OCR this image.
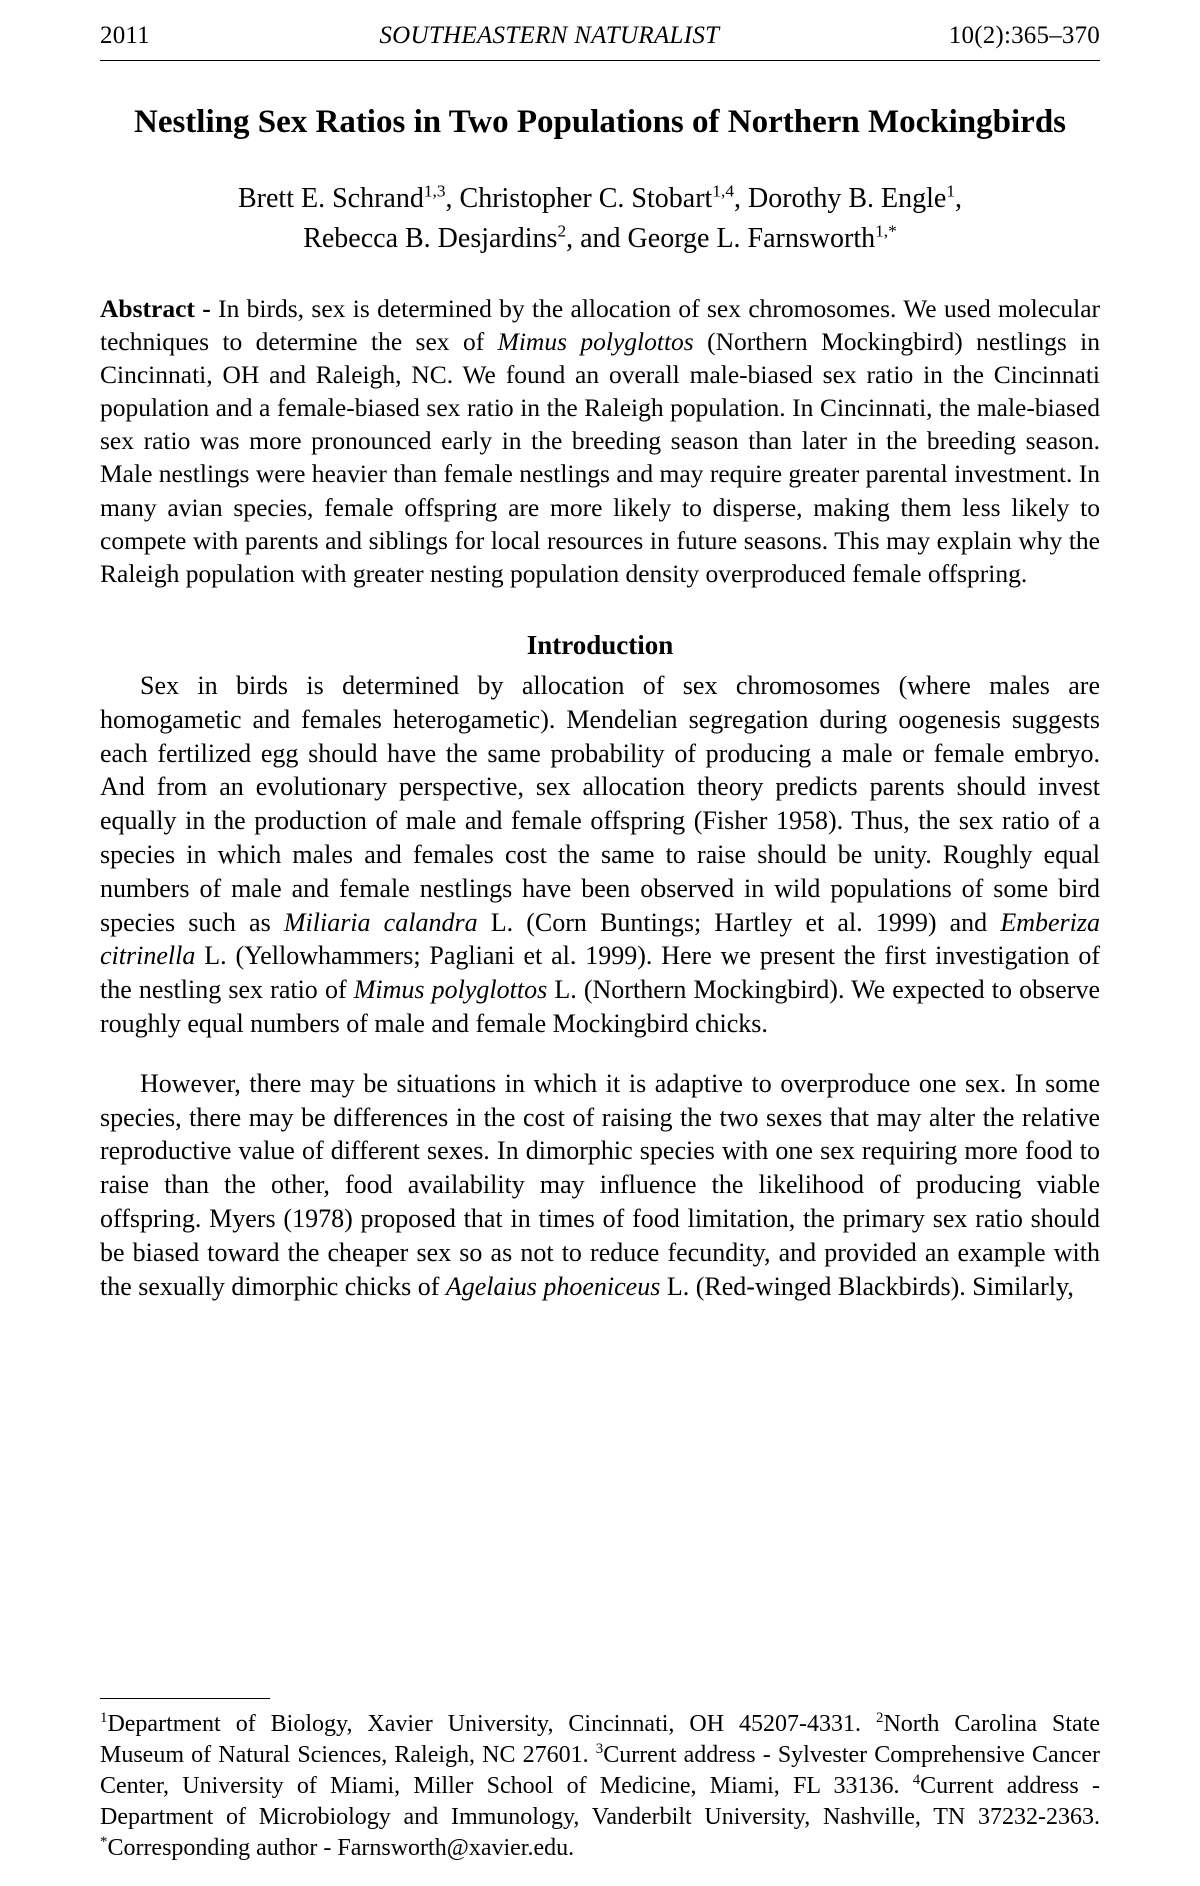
2011	SOUTHEASTERN NATURALIST	10(2):365–370
Nestling Sex Ratios in Two Populations of Northern Mockingbirds
Brett E. Schrand$^{1,3}$, Christopher C. Stobart$^{1,4}$, Dorothy B. Engle$^1$,
Rebecca B. Desjardins$^2$, and George L. Farnsworth$^{1,*}$
Abstract - In birds, sex is determined by the allocation of sex chromosomes. We used molecular techniques to determine the sex of Mimus polyglottos (Northern Mockingbird) nestlings in Cincinnati, OH and Raleigh, NC. We found an overall male-biased sex ratio in the Cincinnati population and a female-biased sex ratio in the Raleigh population. In Cincinnati, the male-biased sex ratio was more pronounced early in the breeding season than later in the breeding season. Male nestlings were heavier than female nestlings and may require greater parental investment. In many avian species, female offspring are more likely to disperse, making them less likely to compete with parents and siblings for local resources in future seasons. This may explain why the Raleigh population with greater nesting population density overproduced female offspring.
Introduction

Sex in birds is determined by allocation of sex chromosomes (where males are homogametic and females heterogametic). Mendelian segregation during oogenesis suggests each fertilized egg should have the same probability of producing a male or female embryo. And from an evolutionary perspective, sex allocation theory predicts parents should invest equally in the production of male and female offspring (Fisher 1958). Thus, the sex ratio of a species in which males and females cost the same to raise should be unity. Roughly equal numbers of male and female nestlings have been observed in wild populations of some bird species such as Miliaria calandra L. (Corn Buntings; Hartley et al. 1999) and Emberiza citrinella L. (Yellowhammers; Pagliani et al. 1999). Here we present the first investigation of the nestling sex ratio of Mimus polyglottos L. (Northern Mockingbird). We expected to observe roughly equal numbers of male and female Mockingbird chicks.

However, there may be situations in which it is adaptive to overproduce one sex. In some species, there may be differences in the cost of raising the two sexes that may alter the relative reproductive value of different sexes. In dimorphic species with one sex requiring more food to raise than the other, food availability may influence the likelihood of producing viable offspring. Myers (1978) proposed that in times of food limitation, the primary sex ratio should be biased toward the cheaper sex so as not to reduce fecundity, and provided an example with the sexually dimorphic chicks of Agelaius phoeniceus L. (Red-winged Blackbirds). Similarly,

$^1$Department of Biology, Xavier University, Cincinnati, OH 45207-4331. $^2$North Carolina State Museum of Natural Sciences, Raleigh, NC 27601. $^3$Current address - Sylvester Comprehensive Cancer Center, University of Miami, Miller School of Medicine, Miami, FL 33136. $^4$Current address - Department of Microbiology and Immunology, Vanderbilt University, Nashville, TN 37232-2363. *Corresponding author - Farnsworth@xavier.edu.
